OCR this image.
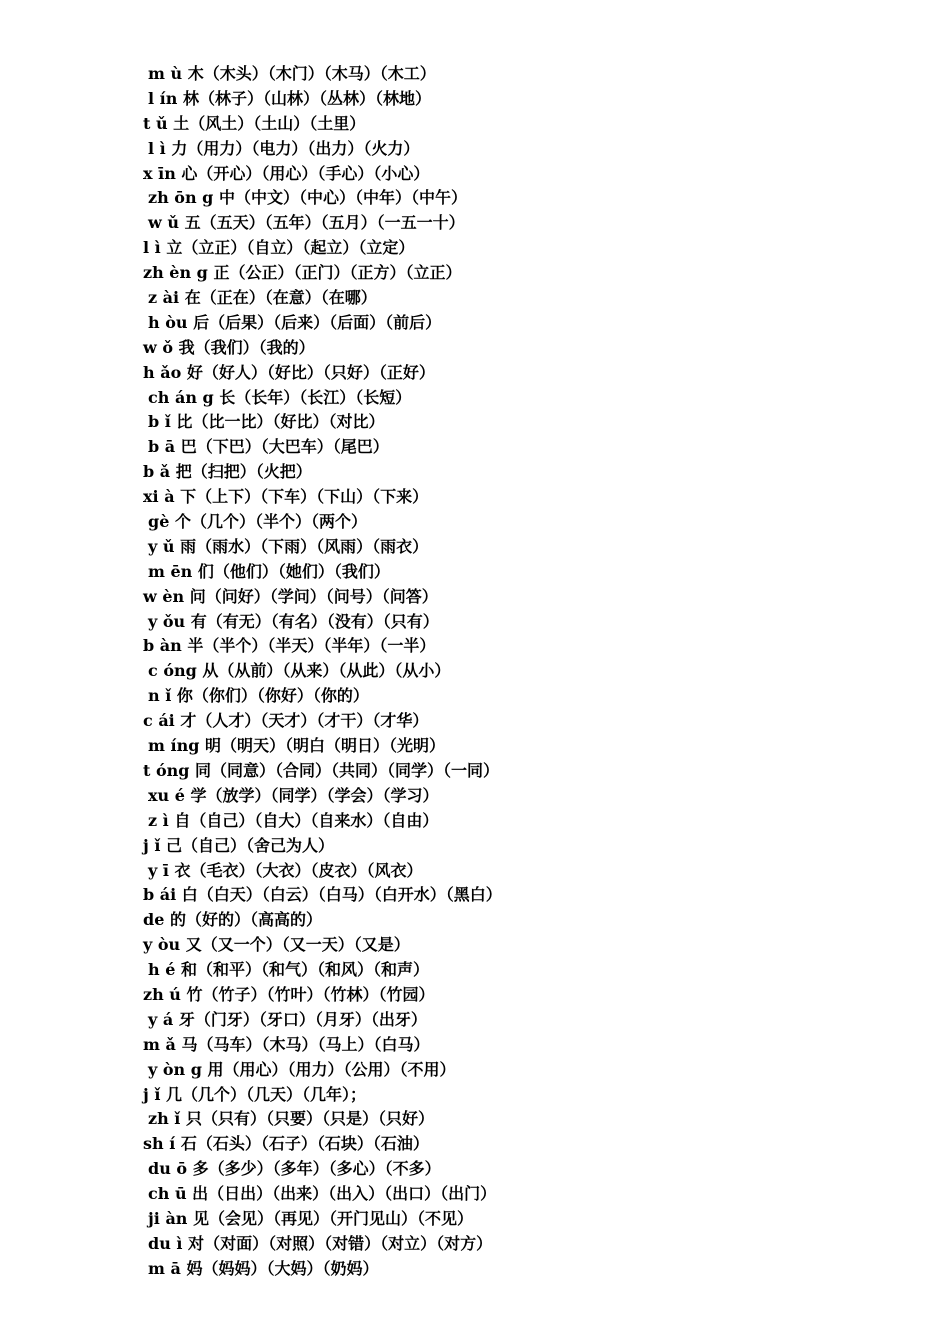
m ù 木（木头）（木门）（木马）（木工）
l ín 林（林子）（山林）（丛林）（林地）
t ǔ 土（风土）（土山）（土里）
l ì 力（用力）（电力）（出力）（火力）
x īn 心（开心）（用心）（手心）（小心）
zh ōn g 中（中文）（中心）（中年）（中午）
w ǔ 五（五天）（五年）（五月）（一五一十）
l ì 立（立正）（自立）（起立）（立定）
zh èn g 正（公正）（正门）（正方）（立正）
z ài 在（正在）（在意）（在哪）
h òu 后（后果）（后来）（后面）（前后）
w ǒ 我（我们）（我的）
h ǎo 好（好人）（好比）（只好）（正好）
ch án g 长（长年）（长江）（长短）
b ǐ 比（比一比）（好比）（对比）
b ā 巴（下巴）（大巴车）（尾巴）
b ǎ 把（扫把）（火把）
xi à 下（上下）（下车）（下山）（下来）
gè 个（几个）（半个）（两个）
y ǔ 雨（雨水）（下雨）（风雨）（雨衣）
m ēn 们（他们）（她们）（我们）
w èn 问（问好）（学问）（问号）（问答）
y ǒu 有（有无）（有名）（没有）（只有）
b àn 半（半个）（半天）（半年）（一半）
c óng 从（从前）（从来）（从此）（从小）
n ǐ 你（你们）（你好）（你的）
c ái 才（人才）（天才）（才干）（才华）
m íng 明（明天）（明白（明日）（光明）
t óng 同（同意）（合同）（共同）（同学）（一同）
xu é 学（放学）（同学）（学会）（学习）
z ì 自（自己）（自大）（自来水）（自由）
j ǐ 己（自己）（舍己为人）
y ī 衣（毛衣）（大衣）（皮衣）（风衣）
b ái 白（白天）（白云）（白马）（白开水）（黑白）
de 的（好的）（高高的）
y òu 又（又一个）（又一天）（又是）
h é 和（和平）（和气）（和风）（和声）
zh ú 竹（竹子）（竹叶）（竹林）（竹园）
y á 牙（门牙）（牙口）（月牙）（出牙）
m ǎ 马（马车）（木马）（马上）（白马）
y òn g 用（用心）（用力）（公用）（不用）
j ǐ 几（几个）（几天）（几年）；
zh ǐ 只（只有）（只要）（只是）（只好）
sh í 石（石头）（石子）（石块）（石油）
du ō 多（多少）（多年）（多心）（不多）
ch ū 出（日出）（出来）（出入）（出口）（出门）
ji àn 见（会见）（再见）（开门见山）（不见）
du ì 对（对面）（对照）（对错）（对立）（对方）
m ā 妈（妈妈）（大妈）（奶妈）
